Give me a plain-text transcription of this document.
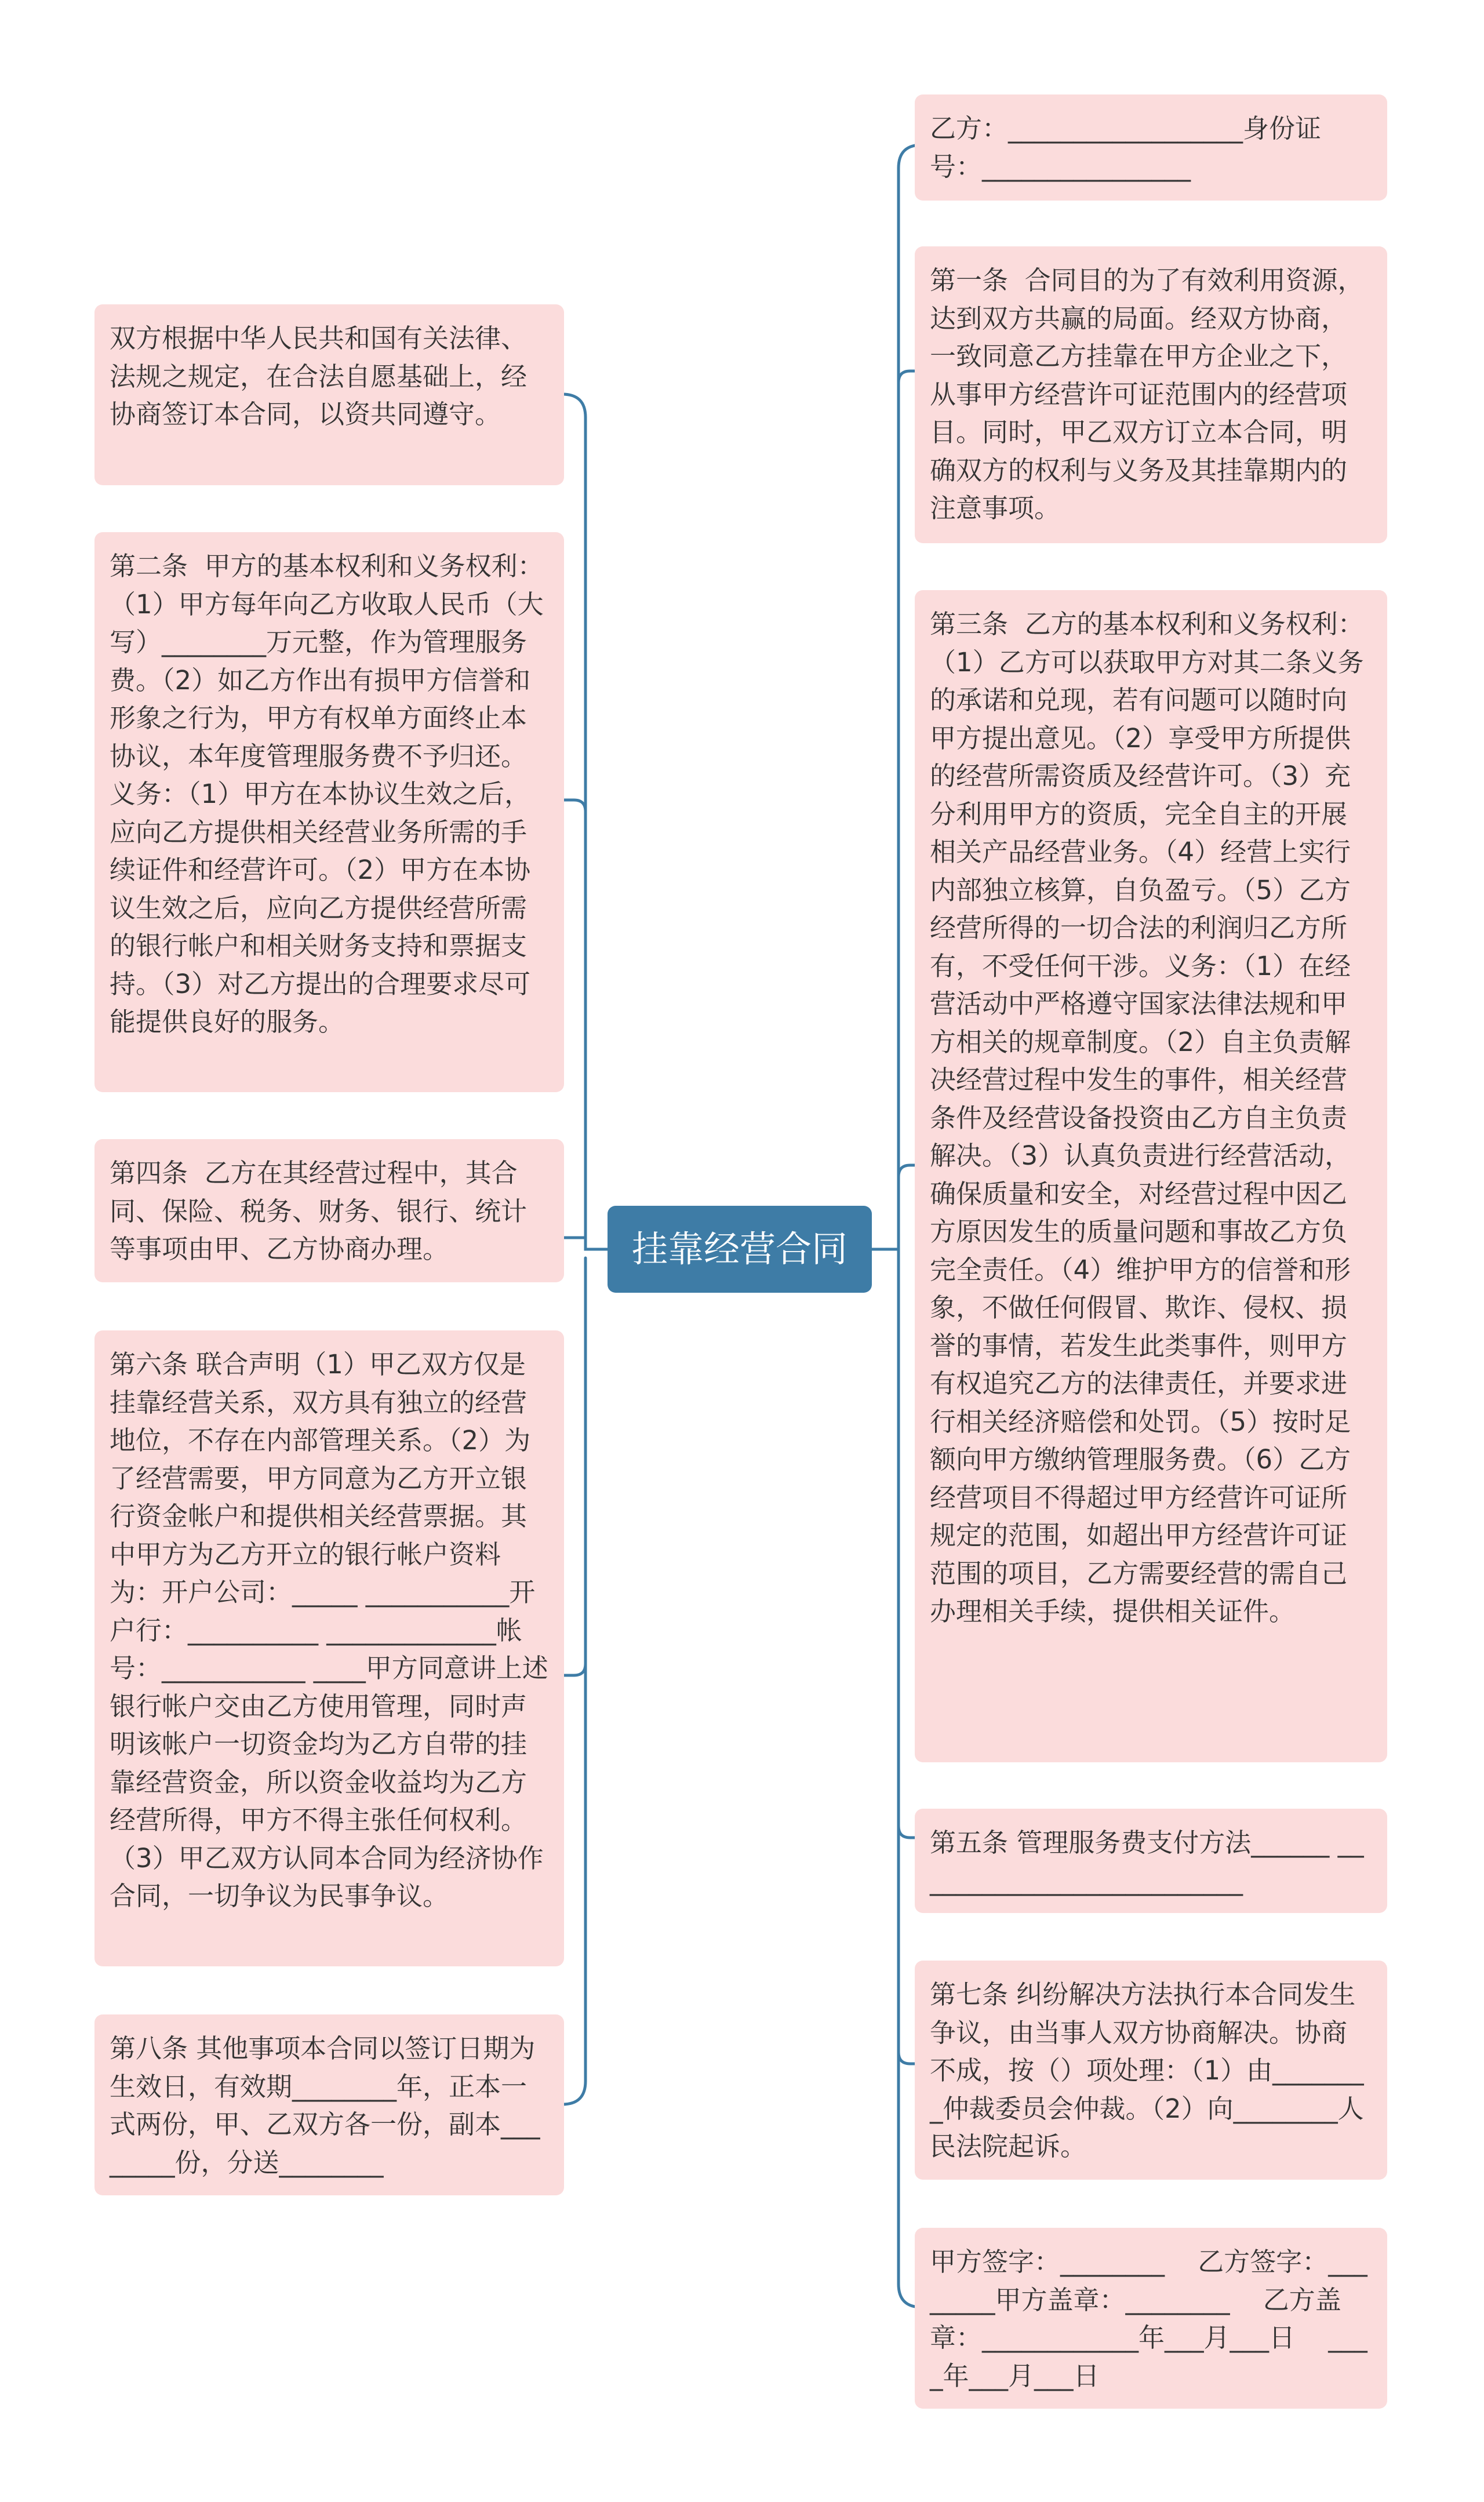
双方根据中华人民共和国有关法律、法规之规定，在合法自愿基础上，经协商签订本合同，以资共同遵守。
第二条  甲方的基本权利和义务权利：（1）甲方每年向乙方收取人民币（大写）________万元整，作为管理服务费。（2）如乙方作出有损甲方信誉和形象之行为，甲方有权单方面终止本协议，本年度管理服务费不予归还。义务：（1）甲方在本协议生效之后，应向乙方提供相关经营业务所需的手续证件和经营许可。（2）甲方在本协议生效之后，应向乙方提供经营所需的银行帐户和相关财务支持和票据支持。（3）对乙方提出的合理要求尽可能提供良好的服务。
第四条  乙方在其经营过程中，其合同、保险、税务、财务、银行、统计等事项由甲、乙方协商办理。
第六条 联合声明（1）甲乙双方仅是挂靠经营关系，双方具有独立的经营地位，不存在内部管理关系。（2）为了经营需要，甲方同意为乙方开立银行资金帐户和提供相关经营票据。其中甲方为乙方开立的银行帐户资料为：开户公司：_____ ___________开户行：__________ _____________帐号：___________ ____甲方同意讲上述银行帐户交由乙方使用管理，同时声明该帐户一切资金均为乙方自带的挂靠经营资金，所以资金收益均为乙方经营所得，甲方不得主张任何权利。（3）甲乙双方认同本合同为经济协作合同，一切争议为民事争议。
第八条 其他事项本合同以签订日期为生效日，有效期________年，正本一式两份，甲、乙双方各一份，副本________份，分送________
挂靠经营合同
乙方：__________________身份证号：________________
第一条  合同目的为了有效利用资源，达到双方共赢的局面。经双方协商，一致同意乙方挂靠在甲方企业之下，从事甲方经营许可证范围内的经营项目。同时，甲乙双方订立本合同，明确双方的权利与义务及其挂靠期内的注意事项。
第三条  乙方的基本权利和义务权利：（1）乙方可以获取甲方对其二条义务的承诺和兑现，若有问题可以随时向甲方提出意见。（2）享受甲方所提供的经营所需资质及经营许可。（3）充分利用甲方的资质，完全自主的开展相关产品经营业务。（4）经营上实行内部独立核算，自负盈亏。（5）乙方经营所得的一切合法的利润归乙方所有，不受任何干涉。义务：（1）在经营活动中严格遵守国家法律法规和甲方相关的规章制度。（2）自主负责解决经营过程中发生的事件，相关经营条件及经营设备投资由乙方自主负责解决。（3）认真负责进行经营活动，确保质量和安全，对经营过程中因乙方原因发生的质量问题和事故乙方负完全责任。（4）维护甲方的信誉和形象，不做任何假冒、欺诈、侵权、损誉的事情，若发生此类事件，则甲方有权追究乙方的法律责任，并要求进行相关经济赔偿和处罚。（5）按时足额向甲方缴纳管理服务费。（6）乙方经营项目不得超过甲方经营许可证所规定的范围，如超出甲方经营许可证范围的项目，乙方需要经营的需自己办理相关手续，提供相关证件。
第五条 管理服务费支付方法______ __________________________
第七条 纠纷解决方法执行本合同发生争议，由当事人双方协商解决。协商不成，按（）项处理：（1）由________仲裁委员会仲裁。（2）向________人民法院起诉。
甲方签字：________    乙方签字：________甲方盖章：________    乙方盖章：____________年___月___日    ____年___月___日
